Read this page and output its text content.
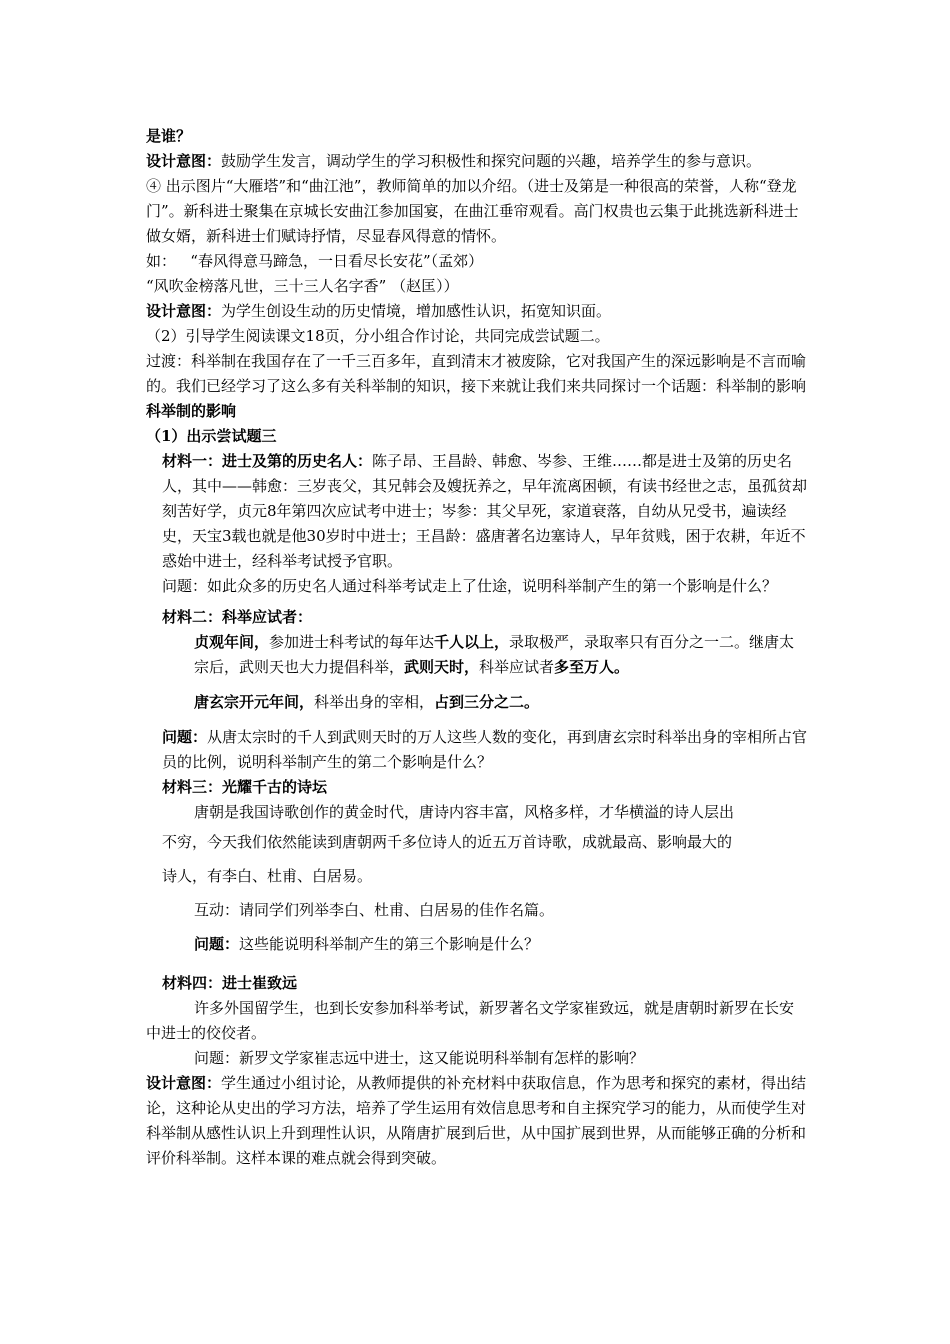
是谁？

设计意图：鼓励学生发言，调动学生的学习积极性和探究问题的兴趣，培养学生的参与意识。

④ 出示图片“大雁塔”和“曲江池”，教师简单的加以介绍。（进士及第是一种很高的荣誉，人称“登龙门”。新科进士聚集在京城长安曲江参加国宴，在曲江垂帘观看。高门权贵也云集于此挑选新科进士做女婿，新科进士们赋诗抒情，尽显春风得意的情怀。

如：   “春风得意马蹄急，一日看尽长安花”（孟郊）

“风吹金榜落凡世，三十三人名字香” （赵匡））

设计意图：为学生创设生动的历史情境，增加感性认识，拓宽知识面。

（2）引导学生阅读课文18页，分小组合作讨论，共同完成尝试题二。

过渡：科举制在我国存在了一千三百多年，直到清末才被废除，它对我国产生的深远影响是不言而喻的。我们已经学习了这么多有关科举制的知识，接下来就让我们来共同探讨一个话题：科举制的影响

科举制的影响

（1）出示尝试题三

材料一：进士及第的历史名人：陈子昂、王昌龄、韩愈、岑参、王维……都是进士及第的历史名人，其中——韩愈：三岁丧父，其兄韩会及嫂抚养之，早年流离困顿，有读书经世之志，虽孤贫却刻苦好学，贞元8年第四次应试考中进士；岑参：其父早死，家道衰落，自幼从兄受书，遍读经史，天宝3载也就是他30岁时中进士；王昌龄：盛唐著名边塞诗人，早年贫贱，困于农耕，年近不惑始中进士，经科举考试授予官职。

问题：如此众多的历史名人通过科举考试走上了仕途，说明科举制产生的第一个影响是什么？

材料二：科举应试者：

贞观年间，参加进士科考试的每年达千人以上，录取极严，录取率只有百分之一二。继唐太宗后，武则天也大力提倡科举，武则天时，科举应试者多至万人。

唐玄宗开元年间，科举出身的宰相，占到三分之二。

问题：从唐太宗时的千人到武则天时的万人这些人数的变化，再到唐玄宗时科举出身的宰相所占官员的比例，说明科举制产生的第二个影响是什么？

材料三：光耀千古的诗坛

唐朝是我国诗歌创作的黄金时代，唐诗内容丰富，风格多样，才华横溢的诗人层出

不穷，今天我们依然能读到唐朝两千多位诗人的近五万首诗歌，成就最高、影响最大的

诗人，有李白、杜甫、白居易。

互动：请同学们列举李白、杜甫、白居易的佳作名篇。

问题：这些能说明科举制产生的第三个影响是什么？

材料四：进士崔致远

许多外国留学生，也到长安参加科举考试，新罗著名文学家崔致远，就是唐朝时新罗在长安中进士的佼佼者。

问题：新罗文学家崔志远中进士，这又能说明科举制有怎样的影响？

设计意图：学生通过小组讨论，从教师提供的补充材料中获取信息，作为思考和探究的素材，得出结论，这种论从史出的学习方法，培养了学生运用有效信息思考和自主探究学习的能力，从而使学生对科举制从感性认识上升到理性认识，从隋唐扩展到后世，从中国扩展到世界，从而能够正确的分析和评价科举制。这样本课的难点就会得到突破。
